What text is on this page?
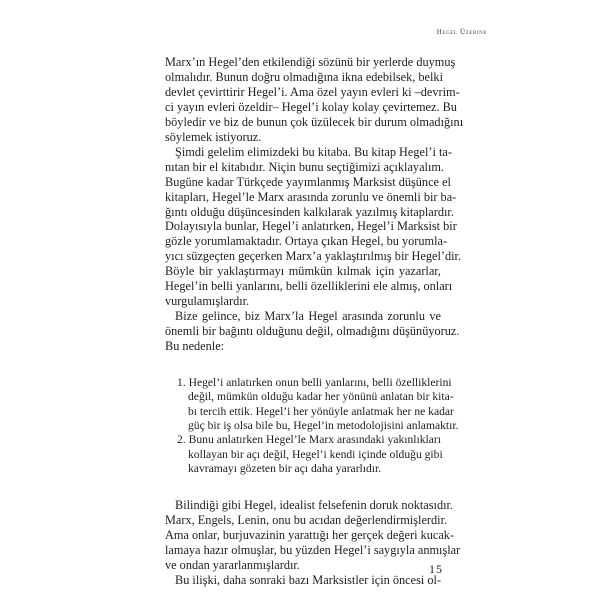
Hegel Üzerine
Marx’ın Hegel’den etkilendiği sözünü bir yerlerde duymuş
olmalıdır. Bunun doğru olmadığına ikna edebilsek, belki
devlet çevirttirir Hegel’i. Ama özel yayın evleri ki –devrim-
ci yayın evleri özeldir– Hegel’i kolay kolay çevirtemez. Bu
böyledir ve biz de bunun çok üzülecek bir durum olmadığını
söylemek istiyoruz.
Şimdi gelelim elimizdeki bu kitaba. Bu kitap Hegel’i ta-
nıtan bir el kitabıdır. Niçin bunu seçtiğimizi açıklayalım.
Bugüne kadar Türkçede yayımlanmış Marksist düşünce el
kitapları, Hegel’le Marx arasında zorunlu ve önemli bir ba-
ğıntı olduğu düşüncesinden kalkılarak yazılmış kitaplardır.
Dolayısıyla bunlar, Hegel’i anlatırken, Hegel’i Marksist bir
gözle yorumlamaktadır. Ortaya çıkan Hegel, bu yorumla-
yıcı süzgeçten geçerken Marx’a yaklaştırılmış bir Hegel’dir.
Böyle bir yaklaştırmayı mümkün kılmak için yazarlar,
Hegel’in belli yanlarını, belli özelliklerini ele almış, onları
vurgulamışlardır.
Bize gelince, biz Marx’la Hegel arasında zorunlu ve
önemli bir bağıntı olduğunu değil, olmadığını düşünüyoruz.
Bu nedenle:
1. Hegel’i anlatırken onun belli yanlarını, belli özelliklerini
değil, mümkün olduğu kadar her yönünü anlatan bir kita-
bı tercih ettik. Hegel’i her yönüyle anlatmak her ne kadar
güç bir iş olsa bile bu, Hegel’in metodolojisini anlamaktır.
2. Bunu anlatırken Hegel’le Marx arasındaki yakınlıkları
kollayan bir açı değil, Hegel’i kendi içinde olduğu gibi
kavramayı gözeten bir açı daha yararlıdır.
Bilindiği gibi Hegel, idealist felsefenin doruk noktasıdır.
Marx, Engels, Lenin, onu bu acıdan değerlendirmişlerdir.
Ama onlar, burjuvazinin yarattığı her gerçek değeri kucak-
lamaya hazır olmuşlar, bu yüzden Hegel’i saygıyla anmışlar
ve ondan yararlanmışlardır.
Bu ilişki, daha sonraki bazı Marksistler için öncesi ol-
15
